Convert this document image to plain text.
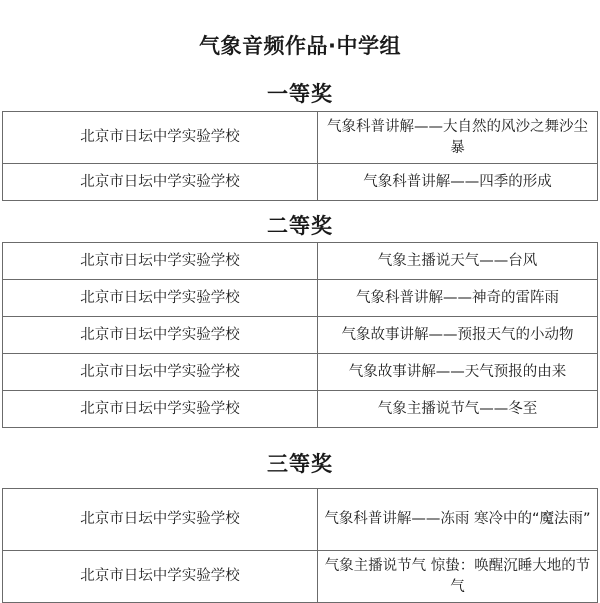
气象音频作品·中学组
一等奖
北京市日坛中学实验学校	气象科普讲解——大自然的风沙之舞沙尘暴
北京市日坛中学实验学校	气象科普讲解——四季的形成
二等奖
北京市日坛中学实验学校	气象主播说天气——台风
北京市日坛中学实验学校	气象科普讲解——神奇的雷阵雨
北京市日坛中学实验学校	气象故事讲解——预报天气的小动物
北京市日坛中学实验学校	气象故事讲解——天气预报的由来
北京市日坛中学实验学校	气象主播说节气——冬至
三等奖
北京市日坛中学实验学校	气象科普讲解——冻雨 寒冷中的“魔法雨”
北京市日坛中学实验学校	气象主播说节气 惊蛰：唤醒沉睡大地的节气
